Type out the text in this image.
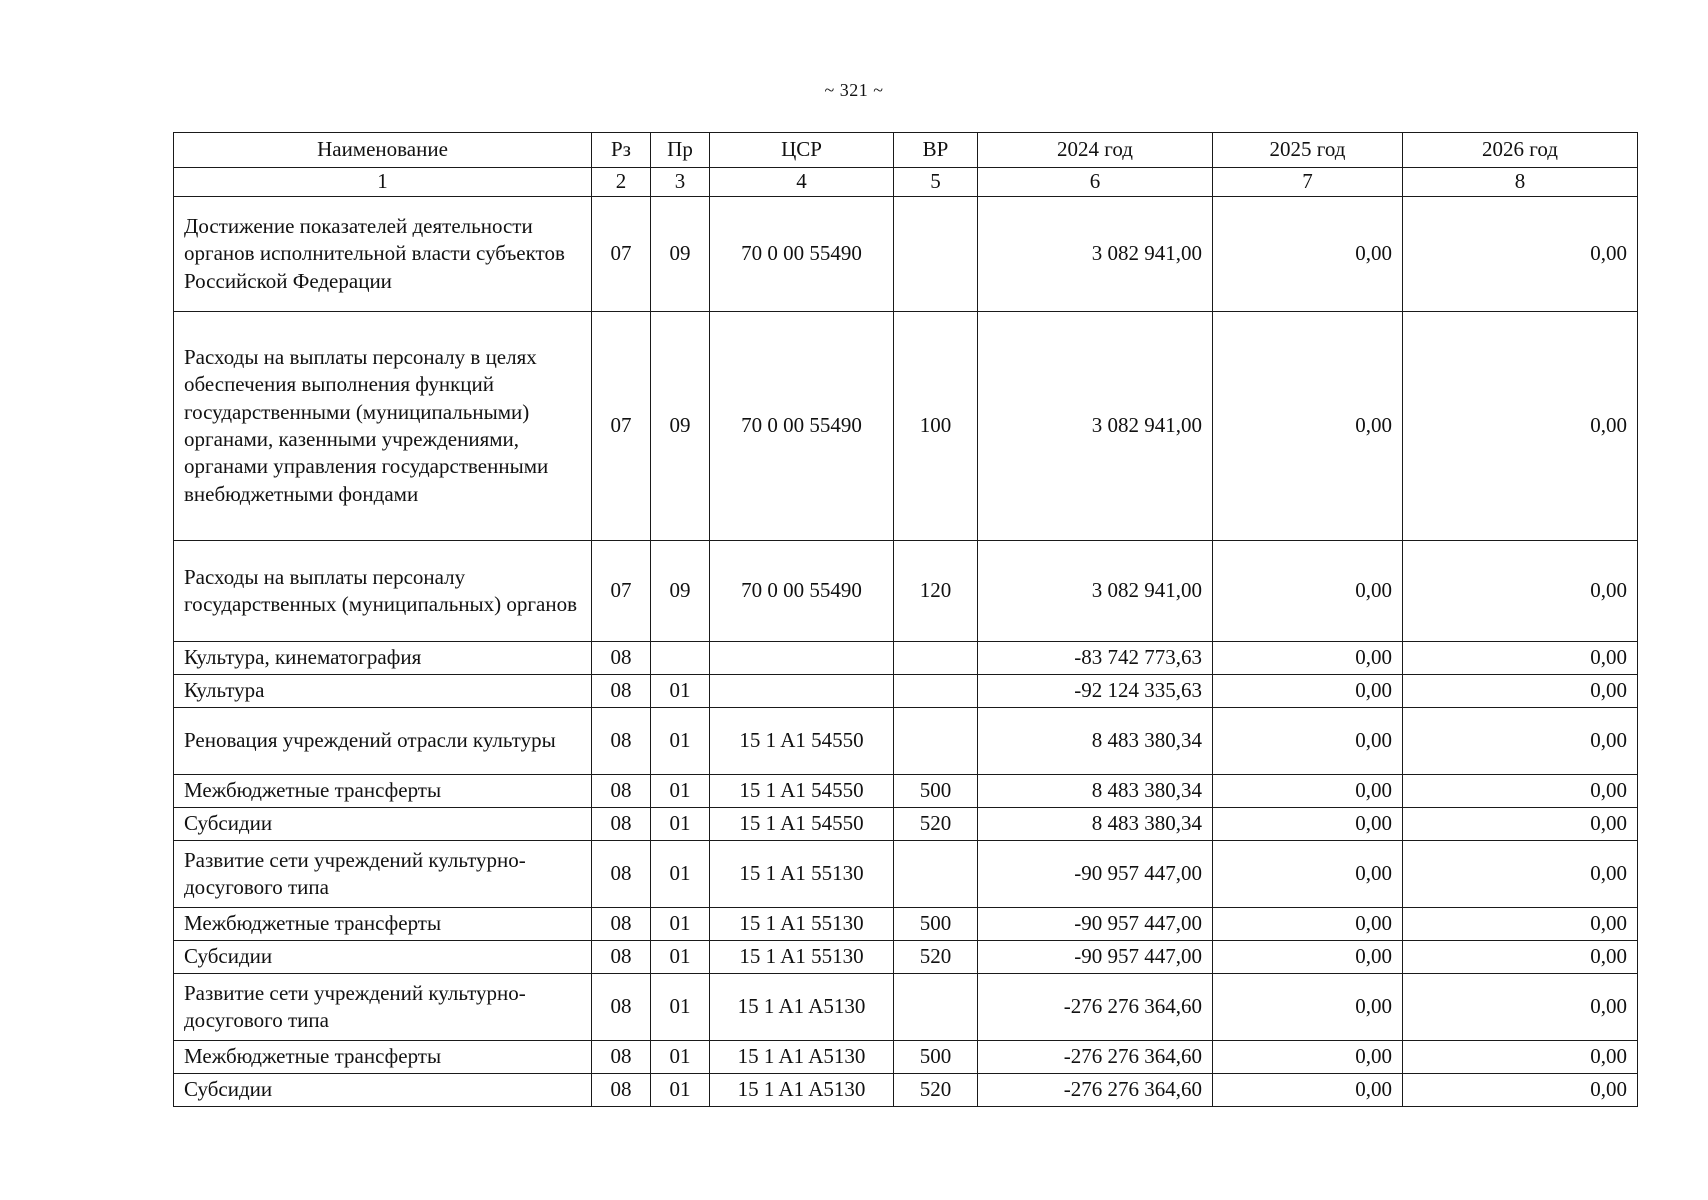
~ 321 ~
Наименование	Рз	Пр	ЦСР	ВР	2024 год	2025 год	2026 год
1	2	3	4	5	6	7	8
Достижение показателей деятельности органов исполнительной власти субъектов Российской Федерации	07	09	70 0 00 55490		3 082 941,00	0,00	0,00
Расходы на выплаты персоналу в целях обеспечения выполнения функций государственными (муниципальными) органами, казенными учреждениями, органами управления государственными внебюджетными фондами	07	09	70 0 00 55490	100	3 082 941,00	0,00	0,00
Расходы на выплаты персоналу государственных (муниципальных) органов	07	09	70 0 00 55490	120	3 082 941,00	0,00	0,00
Культура, кинематография	08				-83 742 773,63	0,00	0,00
Культура	08	01			-92 124 335,63	0,00	0,00
Реновация учреждений отрасли культуры	08	01	15 1 A1 54550		8 483 380,34	0,00	0,00
Межбюджетные трансферты	08	01	15 1 A1 54550	500	8 483 380,34	0,00	0,00
Субсидии	08	01	15 1 A1 54550	520	8 483 380,34	0,00	0,00
Развитие сети учреждений культурно-досугового типа	08	01	15 1 A1 55130		-90 957 447,00	0,00	0,00
Межбюджетные трансферты	08	01	15 1 A1 55130	500	-90 957 447,00	0,00	0,00
Субсидии	08	01	15 1 A1 55130	520	-90 957 447,00	0,00	0,00
Развитие сети учреждений культурно-досугового типа	08	01	15 1 A1 A5130		-276 276 364,60	0,00	0,00
Межбюджетные трансферты	08	01	15 1 A1 A5130	500	-276 276 364,60	0,00	0,00
Субсидии	08	01	15 1 A1 A5130	520	-276 276 364,60	0,00	0,00
